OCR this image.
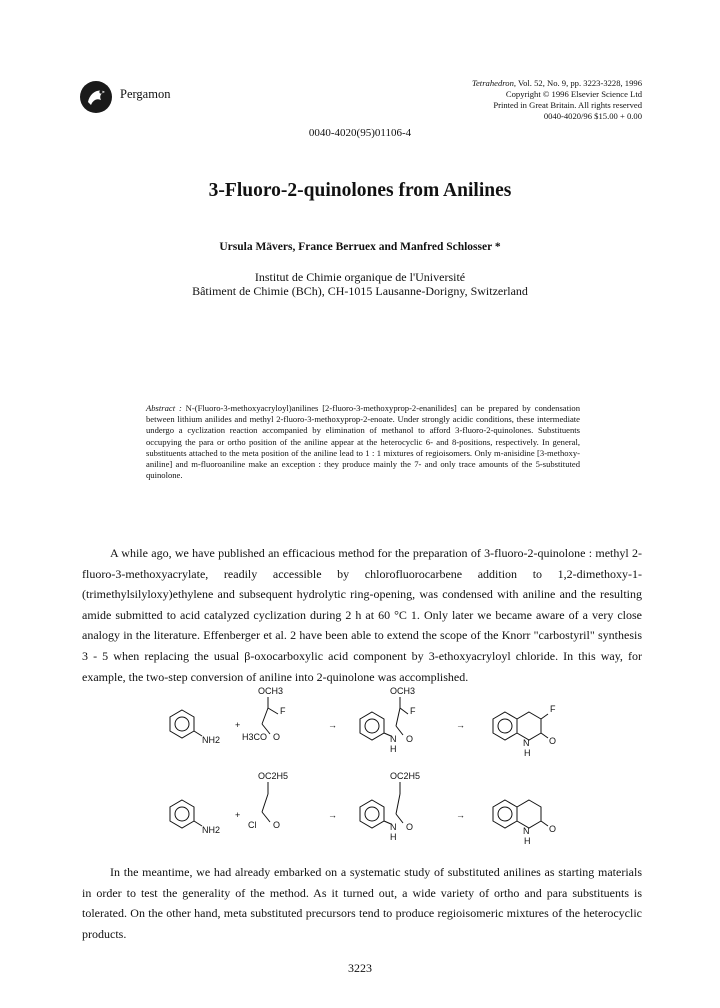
Pergamon
Tetrahedron, Vol. 52, No. 9, pp. 3223-3228, 1996
Copyright © 1996 Elsevier Science Ltd
Printed in Great Britain. All rights reserved
0040-4020/96 $15.00 + 0.00
0040-4020(95)01106-4
3-Fluoro-2-quinolones from Anilines
Ursula Mävers, France Berruex and Manfred Schlosser *
Institut de Chimie organique de l'Université
Bâtiment de Chimie (BCh), CH-1015 Lausanne-Dorigny, Switzerland
Abstract : N-(Fluoro-3-methoxyacryloyl)anilines [2-fluoro-3-methoxyprop-2-enanilides] can be prepared by condensation between lithium anilides and methyl 2-fluoro-3-methoxyprop-2-enoate. Under strongly acidic conditions, these intermediate undergo a cyclization reaction accompanied by elimination of methanol to afford 3-fluoro-2-quinolones. Substituents occupying the para or ortho position of the aniline appear at the heterocyclic 6- and 8-positions, respectively. In general, substituents attached to the meta position of the aniline lead to 1 : 1 mixtures of regioisomers. Only m-anisidine [3-methoxy-aniline] and m-fluoroaniline make an exception : they produce mainly the 7- and only trace amounts of the 5-substituted quinolone.
A while ago, we have published an efficacious method for the preparation of 3-fluoro-2-quinolone : methyl 2-fluoro-3-methoxyacrylate, readily accessible by chlorofluorocarbene addition to 1,2-dimethoxy-1-(trimethylsilyloxy)ethylene and subsequent hydrolytic ring-opening, was condensed with aniline and the resulting amide submitted to acid catalyzed cyclization during 2 h at 60 °C 1. Only later we became aware of a very close analogy in the literature. Effenberger et al. 2 have been able to extend the scope of the Knorr "carbostyril" synthesis 3 - 5 when replacing the usual β-oxocarboxylic acid component by 3-ethoxyacryloyl chloride. In this way, for example, the two-step conversion of aniline into 2-quinolone was accomplished.
NH2
+
OCH3
F
O
H3CO
→
OCH3
F
N
H
O
→
F
O
N
H
NH2
+
OC2H5
O
Cl
→
OC2H5
N
H
O
→
O
N
H
In the meantime, we had already embarked on a systematic study of substituted anilines as starting materials in order to test the generality of the method. As it turned out, a wide variety of ortho and para substituents is tolerated. On the other hand, meta substituted precursors tend to produce regioisomeric mixtures of the heterocyclic products.
3223
